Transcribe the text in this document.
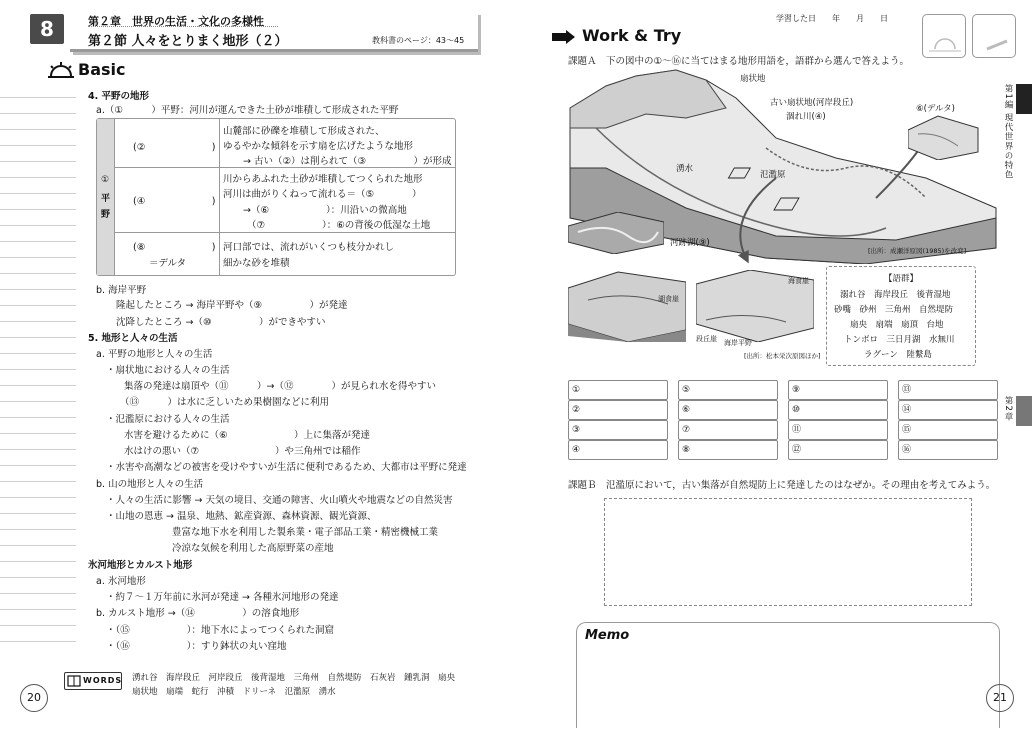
8	第２章　世界の生活・文化の多様性
第２節 人々をとりまく地形（２）	教科書のページ：43～45
Basic
4. 平野の地形
a.（①　　　）平野：河川が運んできた土砂が堆積して形成された平野
①
平
野
(②　　　　　　　)
山麓部に砂礫を堆積して形成された、
ゆるやかな傾斜を示す扇を広げたような地形
→ 古い（②）は削られて（③　　　　　）が形成
(④　　　　　　　)
川からあふれた土砂が堆積してつくられた地形
河川は曲がりくねって流れる＝（⑤　　　　）
→（⑥　　　　　　）：川沿いの微高地
（⑦　　　　　　）：⑥の背後の低湿な土地
(⑧　　　　　　　)
＝デルタ
河口部では、流れがいくつも枝分かれし
細かな砂を堆積
b. 海岸平野
隆起したところ → 海岸平野や（⑨　　　　　）が発達
沈降したところ →（⑩　　　　　）ができやすい
5. 地形と人々の生活
a. 平野の地形と人々の生活
・扇状地における人々の生活
集落の発達は扇頂や（⑪　　　）→（⑫　　　　）が見られ水を得やすい
（⑬　　　）は水に乏しいため果樹園などに利用
・氾濫原における人々の生活
水害を避けるために（⑥　　　　　　　）上に集落が発達
水はけの悪い（⑦　　　　　　　　）や三角州では稲作
・水害や高潮などの被害を受けやすいが生活に便利であるため、大都市は平野に発達
b. 山の地形と人々の生活
・人々の生活に影響 → 天気の境目、交通の障害、火山噴火や地震などの自然災害
・山地の恩恵 → 温泉、地熱、鉱産資源、森林資源、観光資源、
豊富な地下水を利用した製糸業・電子部品工業・精密機械工業
冷涼な気候を利用した高原野菜の産地
氷河地形とカルスト地形
a. 氷河地形
・約７～１万年前に氷河が発達 → 各種氷河地形の発達
b. カルスト地形 →（⑭　　　　　）の溶食地形
・（⑮　　　　　　）：地下水によってつくられた洞窟
・（⑯　　　　　　）：すり鉢状の丸い窪地
WORDS 湧れ谷　海岸段丘　河岸段丘　後背湿地　三角州　自然堤防　石灰岩　鍾乳洞　扇央
扇状地　扇端　蛇行　沖積　ドリーネ　氾濫原　湧水
20
学習した日　　年　　月　　日
Work & Try
課題Ａ　下の図中の①～⑯に当てはまる地形用語を，語群から選んで答えよう。
扇状地
古い扇状地(河岸段丘)
涸れ川(④)
湧水
氾濫原
⑥(デルタ)
河跡湖(⑨)
[出所：成瀬洋原図(1985)を改変]
湖食崖
段丘崖 海岸平野
海食崖
[出所：松本栄次原図ほか]
【語群】
溺れ谷　海岸段丘　後背湿地
砂嘴　砂州　三角州　自然堤防
扇央　扇端　扇頂　台地
トンボロ　三日月湖　水無川
ラグーン　陸繋島
①
②
③
④
⑤
⑥
⑦
⑧
⑨
⑩
⑪
⑫
⑬
⑭
⑮
⑯
課題Ｂ　氾濫原において，古い集落が自然堤防上に発達したのはなぜか。その理由を考えてみよう。
Memo
21
第1編 現代世界の特色
第2章
